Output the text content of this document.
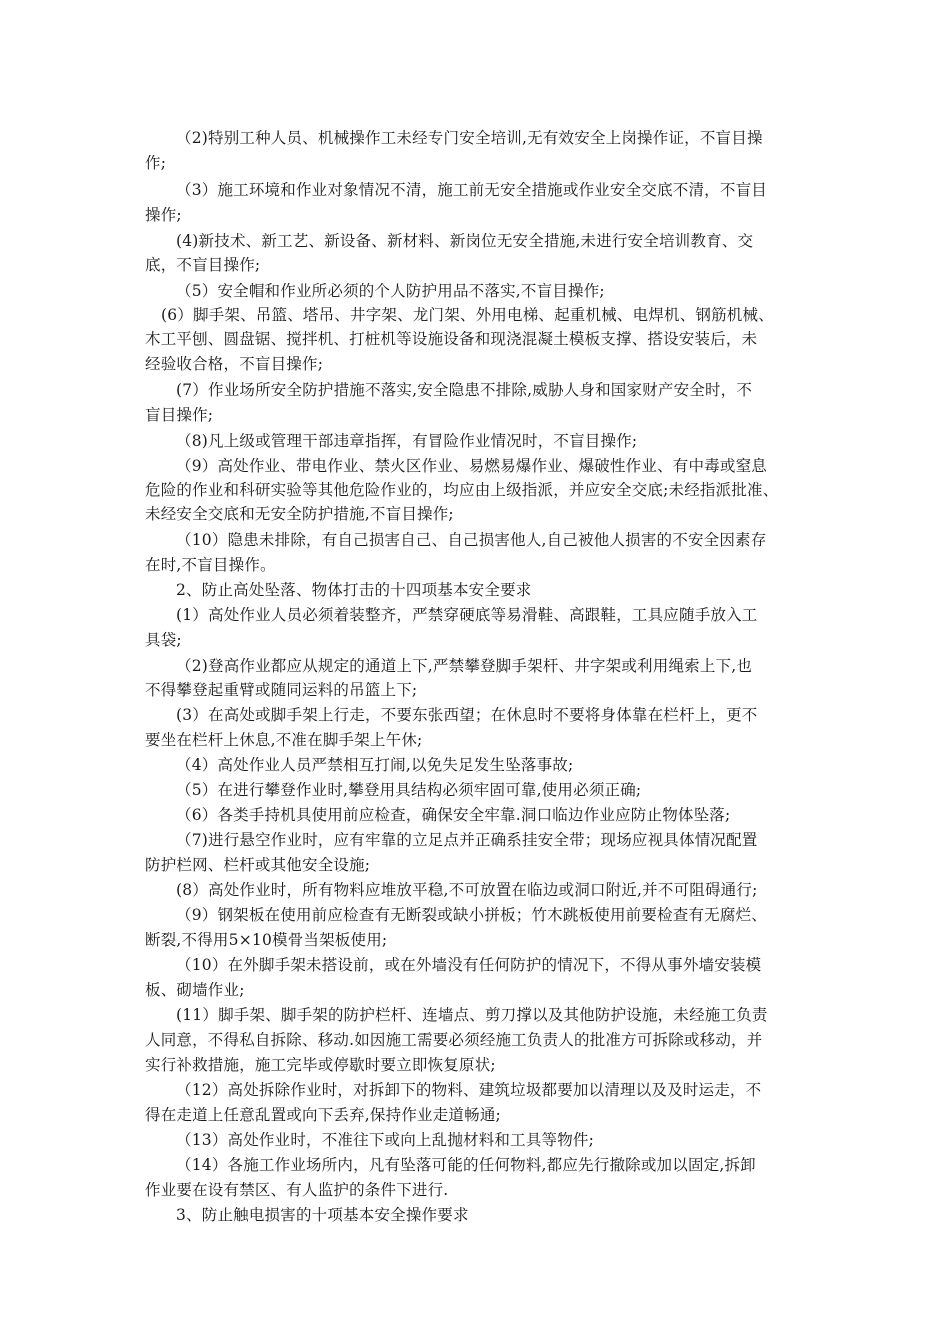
（2)特别工种人员、机械操作工未经专门安全培训,无有效安全上岗操作证，不盲目操
作;
（3）施工环境和作业对象情况不清，施工前无安全措施或作业安全交底不清，不盲目
操作;
(4)新技术、新工艺、新设备、新材料、新岗位无安全措施,未进行安全培训教育、交
底，不盲目操作;
（5）安全帽和作业所必须的个人防护用品不落实,不盲目操作;
(6）脚手架、吊篮、塔吊、井字架、龙门架、外用电梯、起重机械、电焊机、钢筋机械、
木工平刨、圆盘锯、搅拌机、打桩机等设施设备和现浇混凝土模板支撑、搭设安装后，未
经验收合格，不盲目操作;
(7）作业场所安全防护措施不落实,安全隐患不排除,威胁人身和国家财产安全时，不
盲目操作;
（8)凡上级或管理干部违章指挥，有冒险作业情况时，不盲目操作;
（9）高处作业、带电作业、禁火区作业、易燃易爆作业、爆破性作业、有中毒或窒息
危险的作业和科研实验等其他危险作业的，均应由上级指派，并应安全交底;未经指派批准、
未经安全交底和无安全防护措施,不盲目操作;
（10）隐患未排除，有自己损害自己、自己损害他人,自己被他人损害的不安全因素存
在时,不盲目操作。
2、防止高处坠落、物体打击的十四项基本安全要求
(1）高处作业人员必须着装整齐，严禁穿硬底等易滑鞋、高跟鞋，工具应随手放入工
具袋;
（2)登高作业都应从规定的通道上下,严禁攀登脚手架杆、井字架或利用绳索上下,也
不得攀登起重臂或随同运料的吊篮上下;
(3）在高处或脚手架上行走，不要东张西望；在休息时不要将身体靠在栏杆上，更不
要坐在栏杆上休息,不准在脚手架上午休;
（4）高处作业人员严禁相互打闹,以免失足发生坠落事故;
（5）在进行攀登作业时,攀登用具结构必须牢固可靠,使用必须正确;
（6）各类手持机具使用前应检查，确保安全牢靠.洞口临边作业应防止物体坠落;
（7)进行悬空作业时，应有牢靠的立足点并正确系挂安全带；现场应视具体情况配置
防护栏网、栏杆或其他安全设施;
(8）高处作业时，所有物料应堆放平稳,不可放置在临边或洞口附近,并不可阻碍通行;
（9）钢架板在使用前应检查有无断裂或缺小拼板；竹木跳板使用前要检查有无腐烂、
断裂,不得用5×10模骨当架板使用;
（10）在外脚手架未搭设前，或在外墙没有任何防护的情况下，不得从事外墙安装模
板、砌墙作业;
(11）脚手架、脚手架的防护栏杆、连墙点、剪刀撑以及其他防护设施，未经施工负责
人同意，不得私自拆除、移动.如因施工需要必须经施工负责人的批准方可拆除或移动，并
实行补救措施，施工完毕或停歇时要立即恢复原状;
（12）高处拆除作业时，对拆卸下的物料、建筑垃圾都要加以清理以及及时运走，不
得在走道上任意乱置或向下丢弃,保持作业走道畅通;
（13）高处作业时，不准往下或向上乱抛材料和工具等物件;
（14）各施工作业场所内，凡有坠落可能的任何物料,都应先行撤除或加以固定,拆卸
作业要在设有禁区、有人监护的条件下进行.
3、防止触电损害的十项基本安全操作要求
